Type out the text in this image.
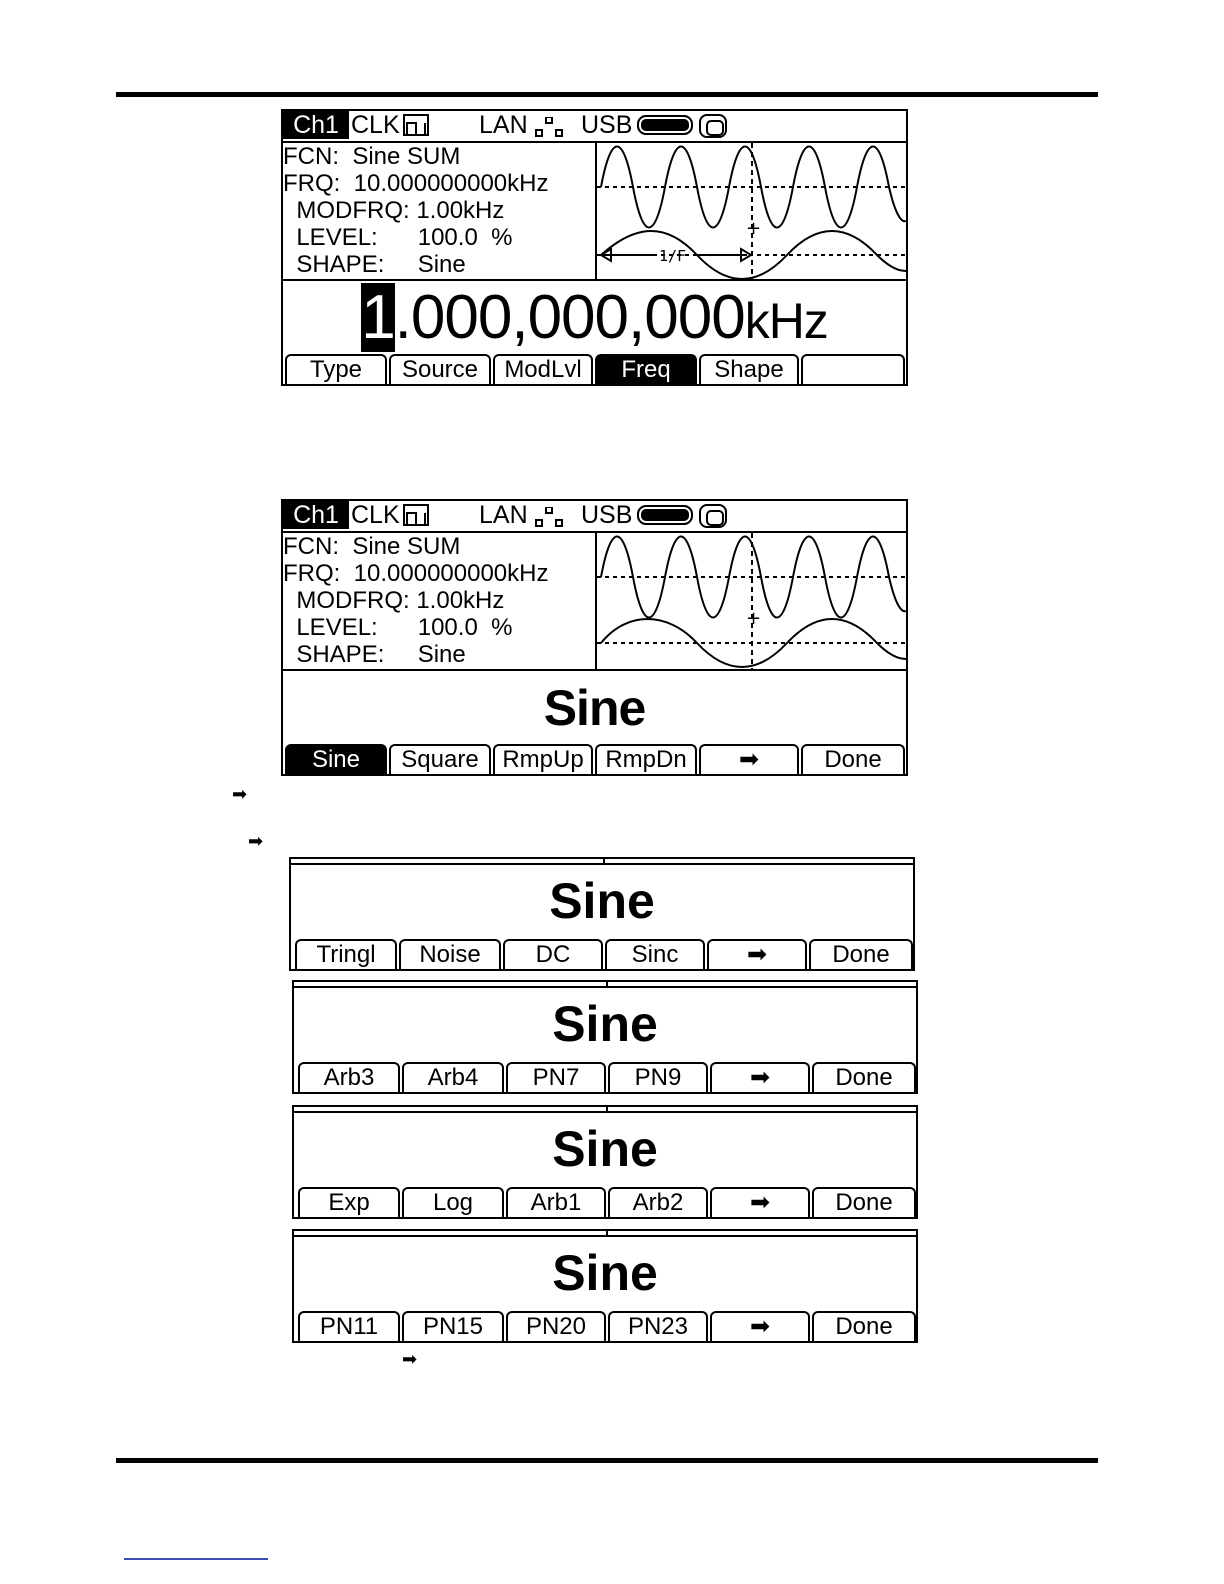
Ch1 CLK	LAN USB
FCN:  Sine SUM
FRQ:  10.000000000kHz
MODFRQ: 1.00kHz
LEVEL:      100.0  %
SHAPE:     Sine	1/F
+
1.000,000,000kHz
Type	Source	ModLvl	Freq	Shape
Ch1 CLK	LAN USB
FCN:  Sine SUM
FRQ:  10.000000000kHz
MODFRQ: 1.00kHz
LEVEL:      100.0  %
SHAPE:     Sine
+
Sine
Sine	Square RmpUp RmpDn	➡	Done
➡
➡
Sine
Tringl	Noise	DC	Sinc	➡	Done
Sine
Arb3	Arb4	PN7	PN9	➡	Done
Sine
Exp	Log	Arb1	Arb2	➡	Done
Sine
PN11	PN15	PN20	PN23	➡	Done
➡
